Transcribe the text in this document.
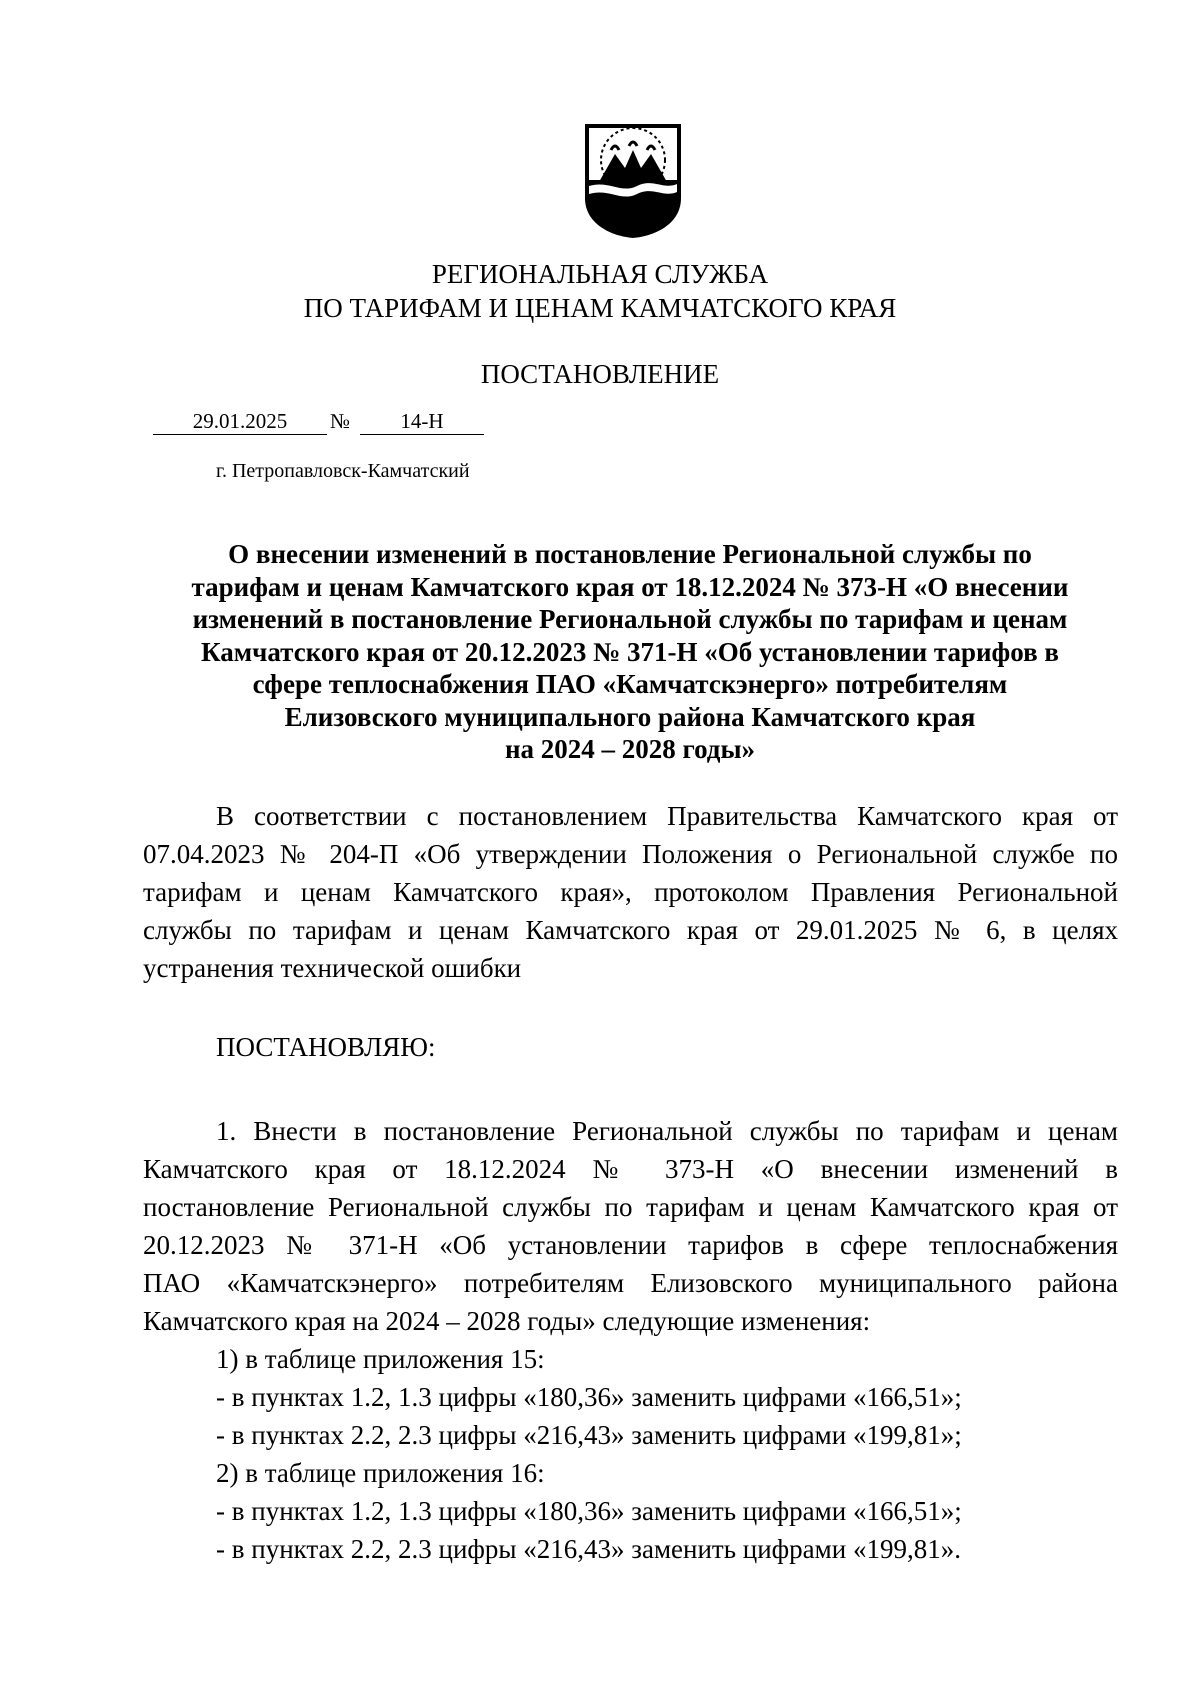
РЕГИОНАЛЬНАЯ СЛУЖБА
ПО ТАРИФАМ И ЦЕНАМ КАМЧАТСКОГО КРАЯ
ПОСТАНОВЛЕНИЕ
29.01.2025	№	14-Н
г. Петропавловск-Камчатский
О внесении изменений в постановление Региональной службы по
тарифам и ценам Камчатского края от 18.12.2024 № 373-Н «О внесении
изменений в постановление Региональной службы по тарифам и ценам
Камчатского края от 20.12.2023 № 371-Н «Об установлении тарифов в
сфере теплоснабжения ПАО «Камчатскэнерго» потребителям
Елизовского муниципального района Камчатского края
на 2024 – 2028 годы»
В соответствии с постановлением Правительства Камчатского края от
07.04.2023 № 204-П «Об утверждении Положения о Региональной службе по
тарифам и ценам Камчатского края», протоколом Правления Региональной
службы по тарифам и ценам Камчатского края от 29.01.2025 № 6, в целях
устранения технической ошибки
ПОСТАНОВЛЯЮ:
1. Внести в постановление Региональной службы по тарифам и ценам
Камчатского края от 18.12.2024 № 373-Н «О внесении изменений в
постановление Региональной службы по тарифам и ценам Камчатского края от
20.12.2023 № 371-Н «Об установлении тарифов в сфере теплоснабжения
ПАО «Камчатскэнерго» потребителям Елизовского муниципального района
Камчатского края на 2024 – 2028 годы» следующие изменения:
1) в таблице приложения 15:
- в пунктах 1.2, 1.3 цифры «180,36» заменить цифрами «166,51»;
- в пунктах 2.2, 2.3 цифры «216,43» заменить цифрами «199,81»;
2) в таблице приложения 16:
- в пунктах 1.2, 1.3 цифры «180,36» заменить цифрами «166,51»;
- в пунктах 2.2, 2.3 цифры «216,43» заменить цифрами «199,81».
